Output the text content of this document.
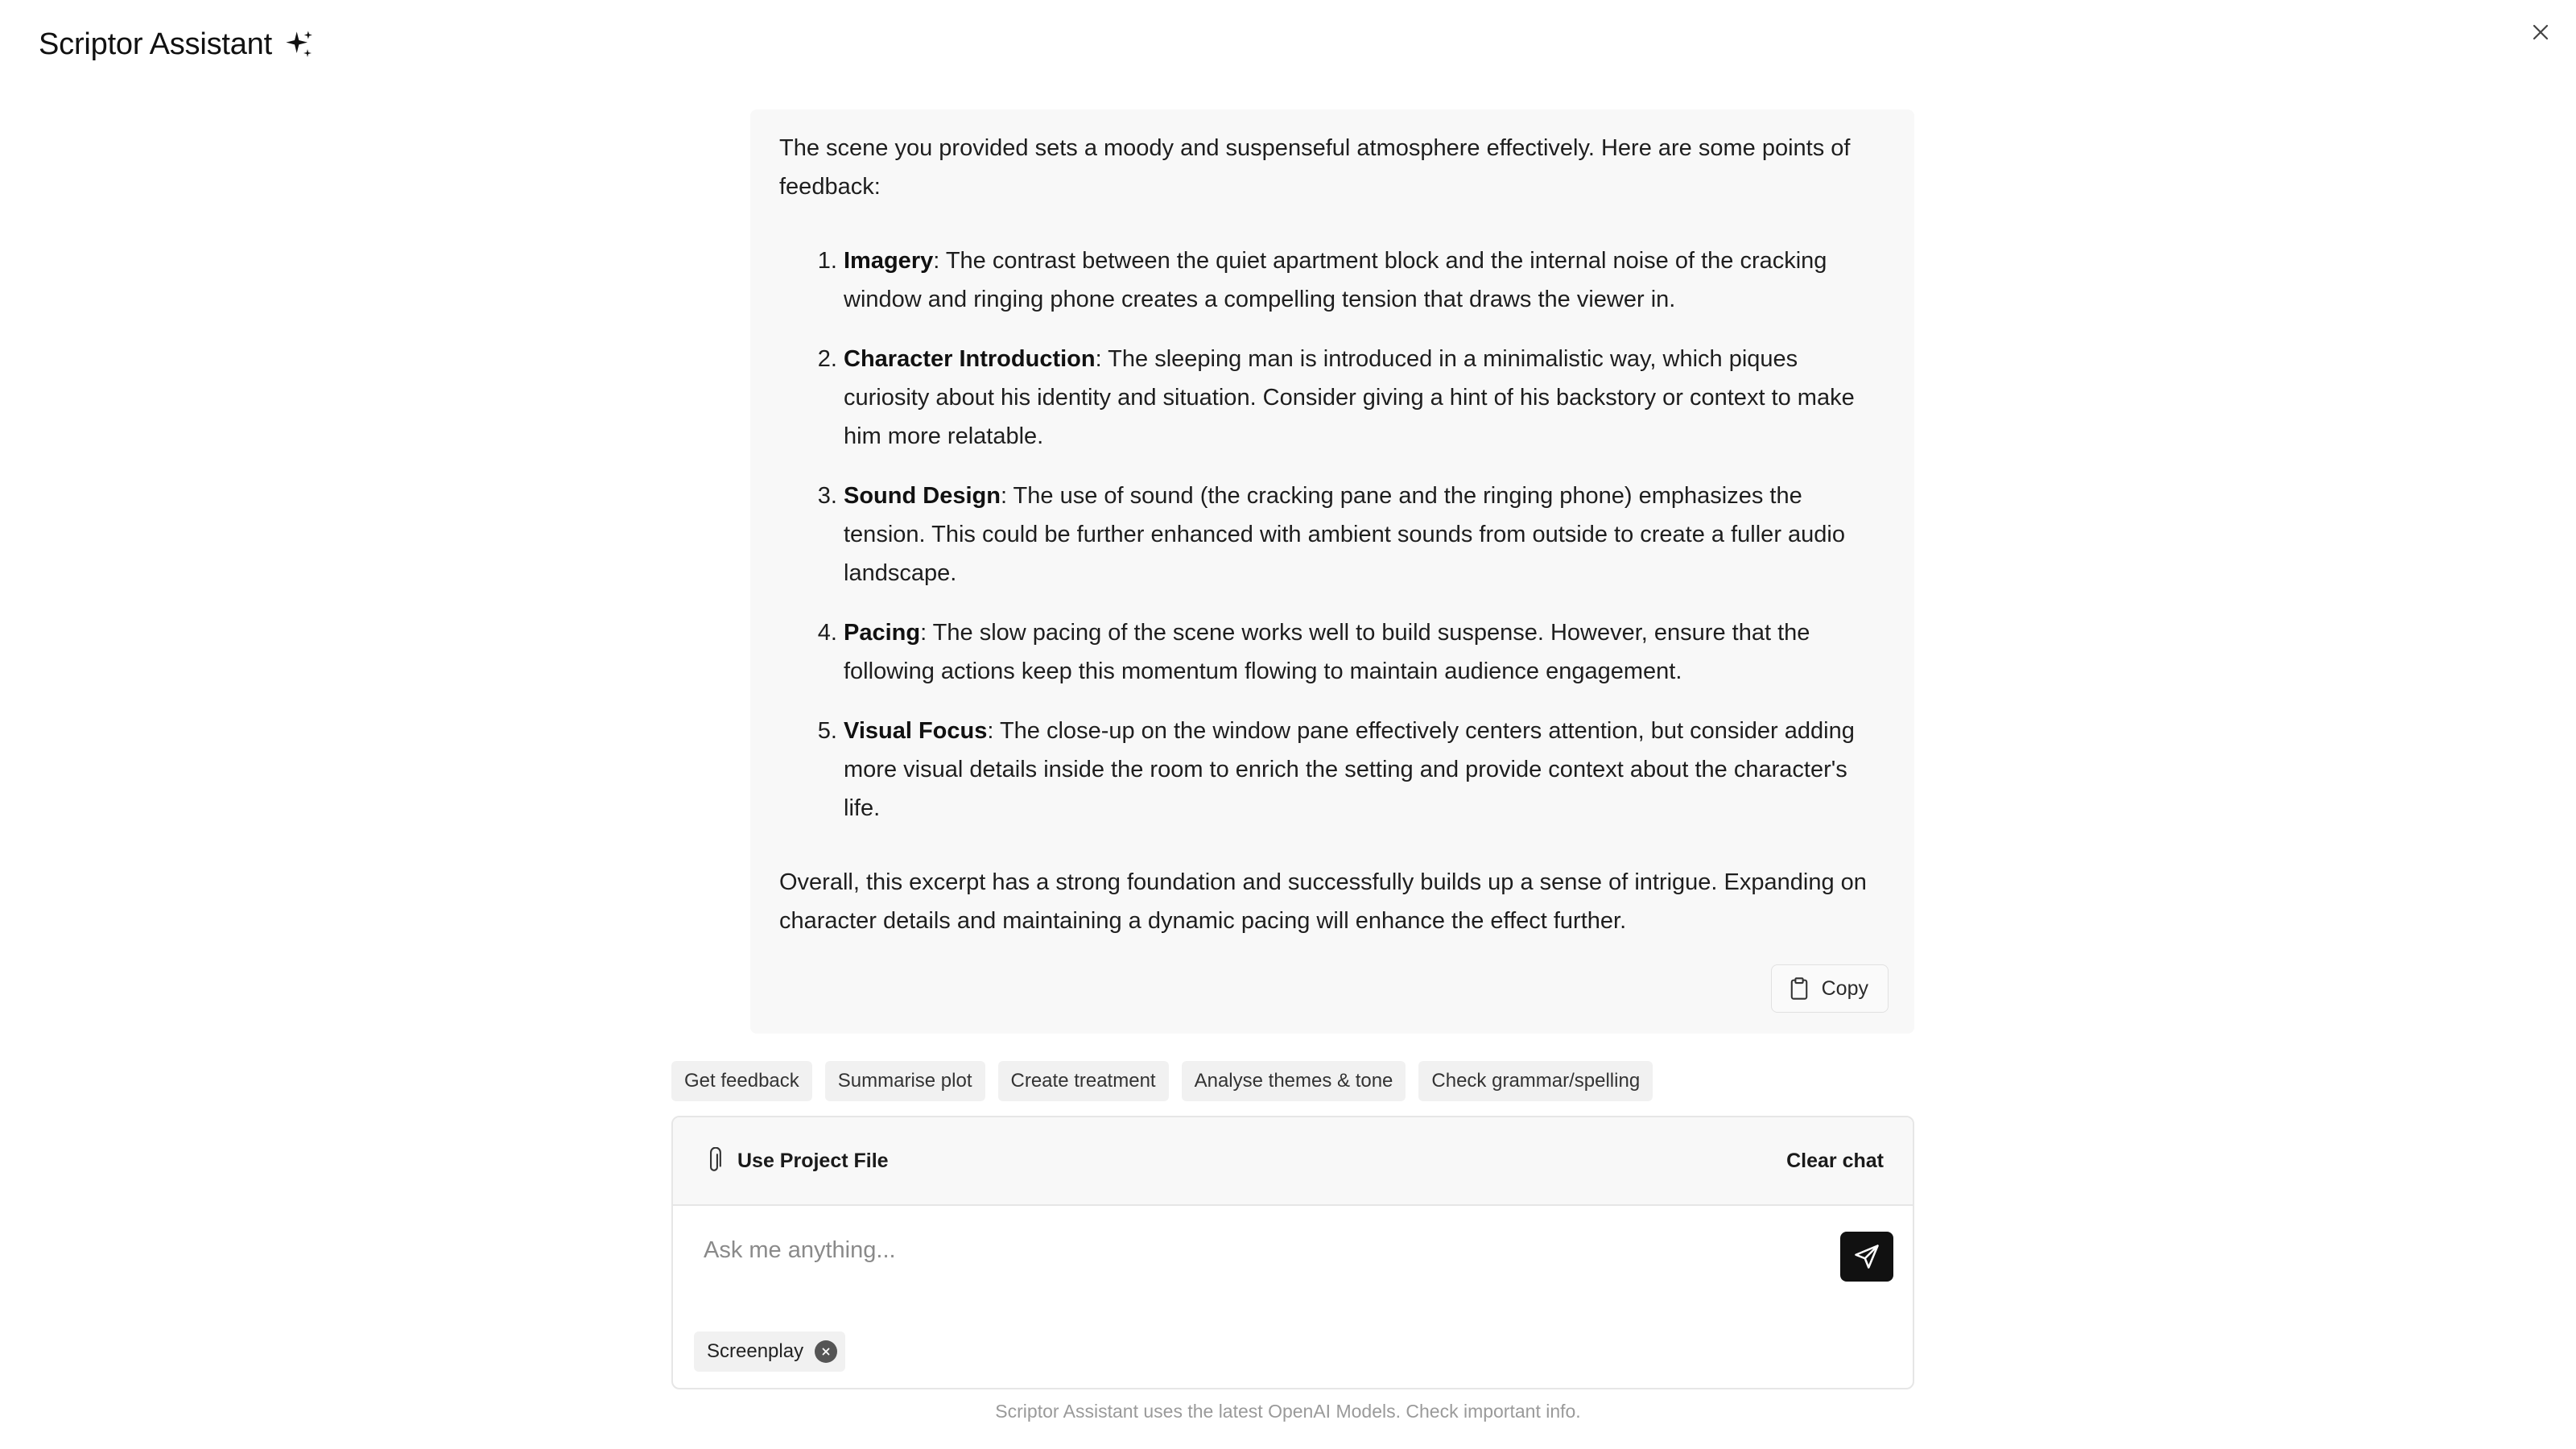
Scriptor Assistant

The scene you provided sets a moody and suspenseful atmosphere effectively. Here are some points of feedback:

1. Imagery: The contrast between the quiet apartment block and the internal noise of the cracking window and ringing phone creates a compelling tension that draws the viewer in.
2. Character Introduction: The sleeping man is introduced in a minimalistic way, which piques curiosity about his identity and situation. Consider giving a hint of his backstory or context to make him more relatable.
3. Sound Design: The use of sound (the cracking pane and the ringing phone) emphasizes the tension. This could be further enhanced with ambient sounds from outside to create a fuller audio landscape.
4. Pacing: The slow pacing of the scene works well to build suspense. However, ensure that the following actions keep this momentum flowing to maintain audience engagement.
5. Visual Focus: The close-up on the window pane effectively centers attention, but consider adding more visual details inside the room to enrich the setting and provide context about the character's life.

Overall, this excerpt has a strong foundation and successfully builds up a sense of intrigue. Expanding on character details and maintaining a dynamic pacing will enhance the effect further.

Copy
Get feedback	Summarise plot	Create treatment	Analyse themes & tone	Check grammar/spelling
Use Project File	Clear chat
Ask me anything...
Screenplay
Scriptor Assistant uses the latest OpenAI Models. Check important info.
